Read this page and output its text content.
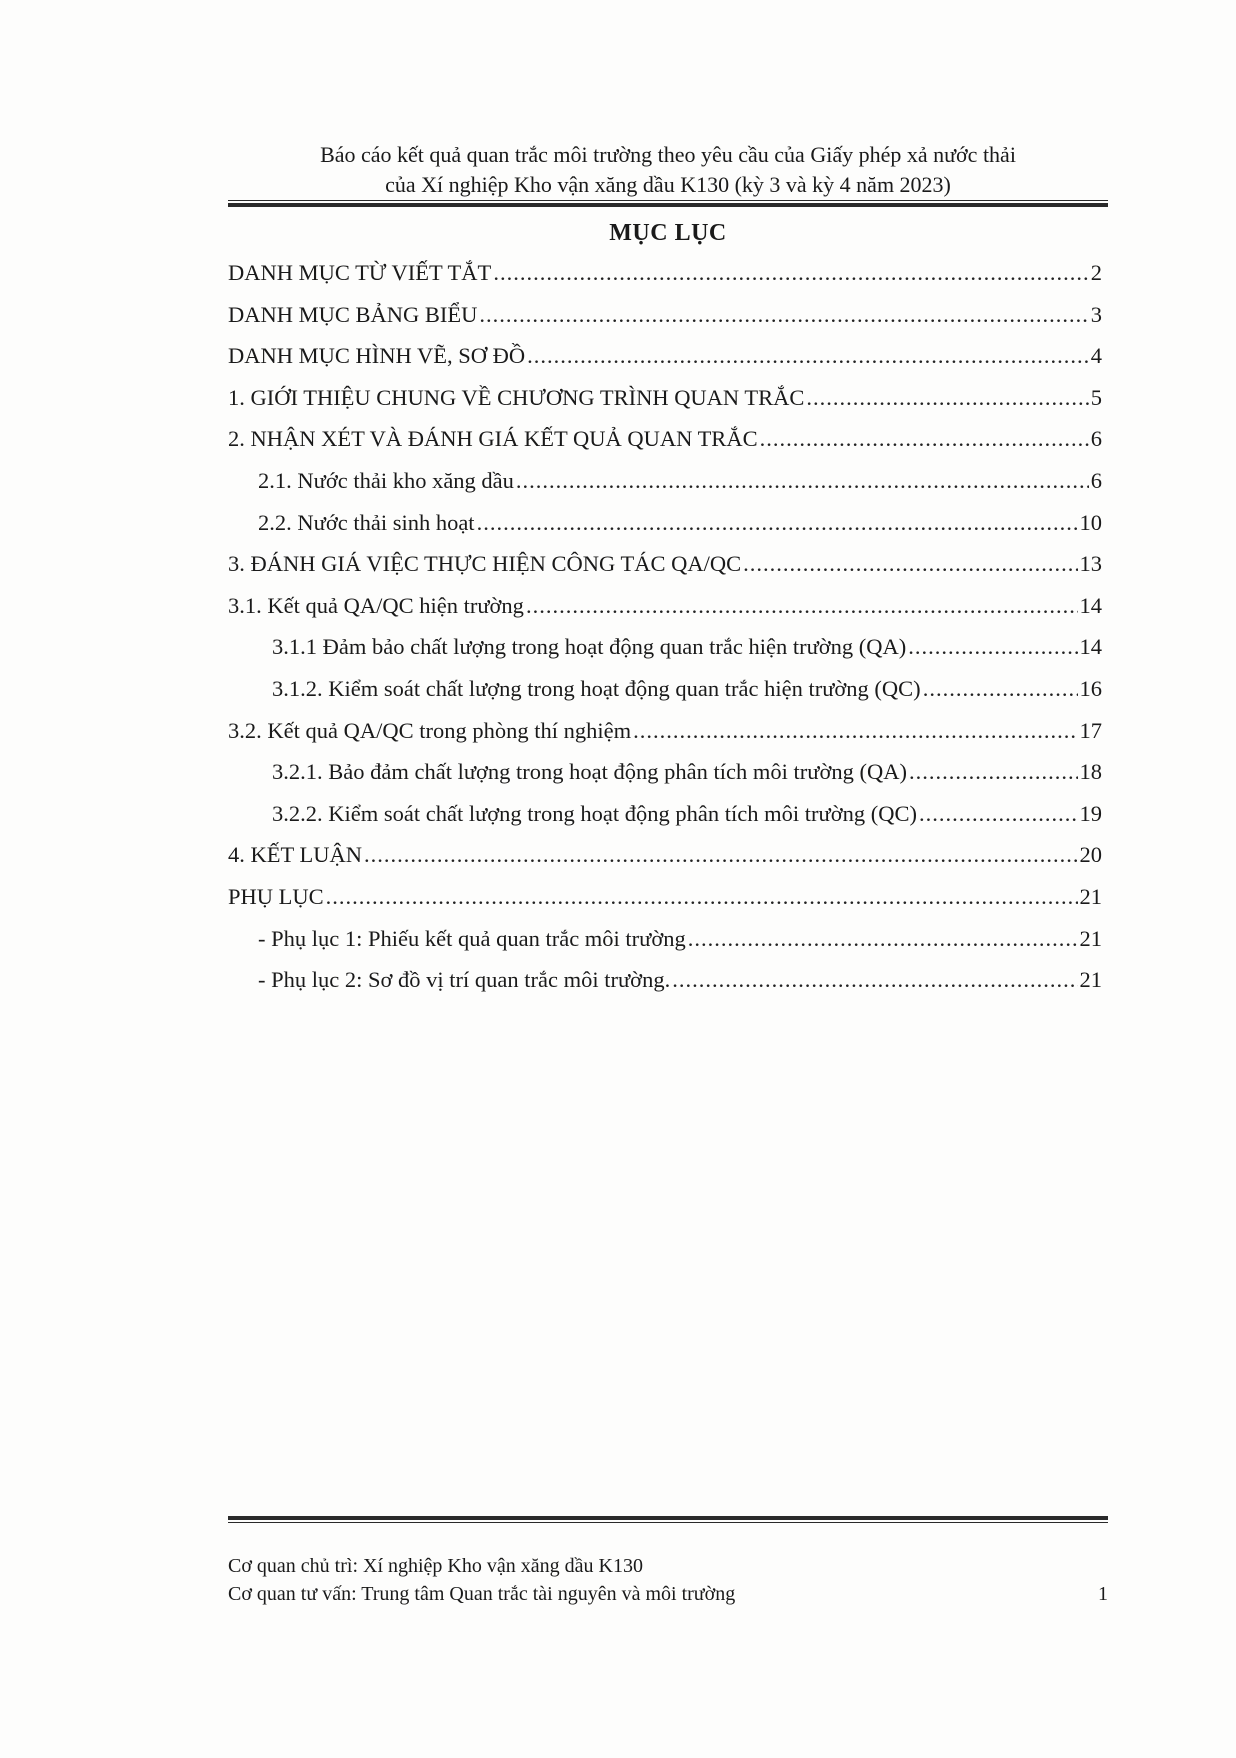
Báo cáo kết quả quan trắc môi trường theo yêu cầu của Giấy phép xả nước thải
của Xí nghiệp Kho vận xăng dầu K130 (kỳ 3 và kỳ 4 năm 2023)
MỤC LỤC
DANH MỤC TỪ VIẾT TẮT .....	2
DANH MỤC BẢNG BIỂU .....	3
DANH MỤC HÌNH VẼ, SƠ ĐỒ .....	4
1. GIỚI THIỆU CHUNG VỀ CHƯƠNG TRÌNH QUAN TRẮC .....	5
2. NHẬN XÉT VÀ ĐÁNH GIÁ KẾT QUẢ QUAN TRẮC .....	6
2.1. Nước thải kho xăng dầu .....	6
2.2. Nước thải sinh hoạt .....	10
3. ĐÁNH GIÁ VIỆC THỰC HIỆN CÔNG TÁC QA/QC .....	13
3.1. Kết quả QA/QC hiện trường .....	14
3.1.1 Đảm bảo chất lượng trong hoạt động quan trắc hiện trường (QA) .....	14
3.1.2. Kiểm soát chất lượng trong hoạt động quan trắc hiện trường (QC) .....	16
3.2. Kết quả QA/QC trong phòng thí nghiệm .....	17
3.2.1. Bảo đảm chất lượng trong hoạt động phân tích môi trường (QA) .....	18
3.2.2. Kiểm soát chất lượng trong hoạt động phân tích môi trường (QC) .....	19
4. KẾT LUẬN .....	20
PHỤ LỤC .....	21
- Phụ lục 1: Phiếu kết quả quan trắc môi trường .....	21
- Phụ lục 2: Sơ đồ vị trí quan trắc môi trường. .....	21
Cơ quan chủ trì: Xí nghiệp Kho vận xăng dầu K130
Cơ quan tư vấn: Trung tâm Quan trắc tài nguyên và môi trường	1
